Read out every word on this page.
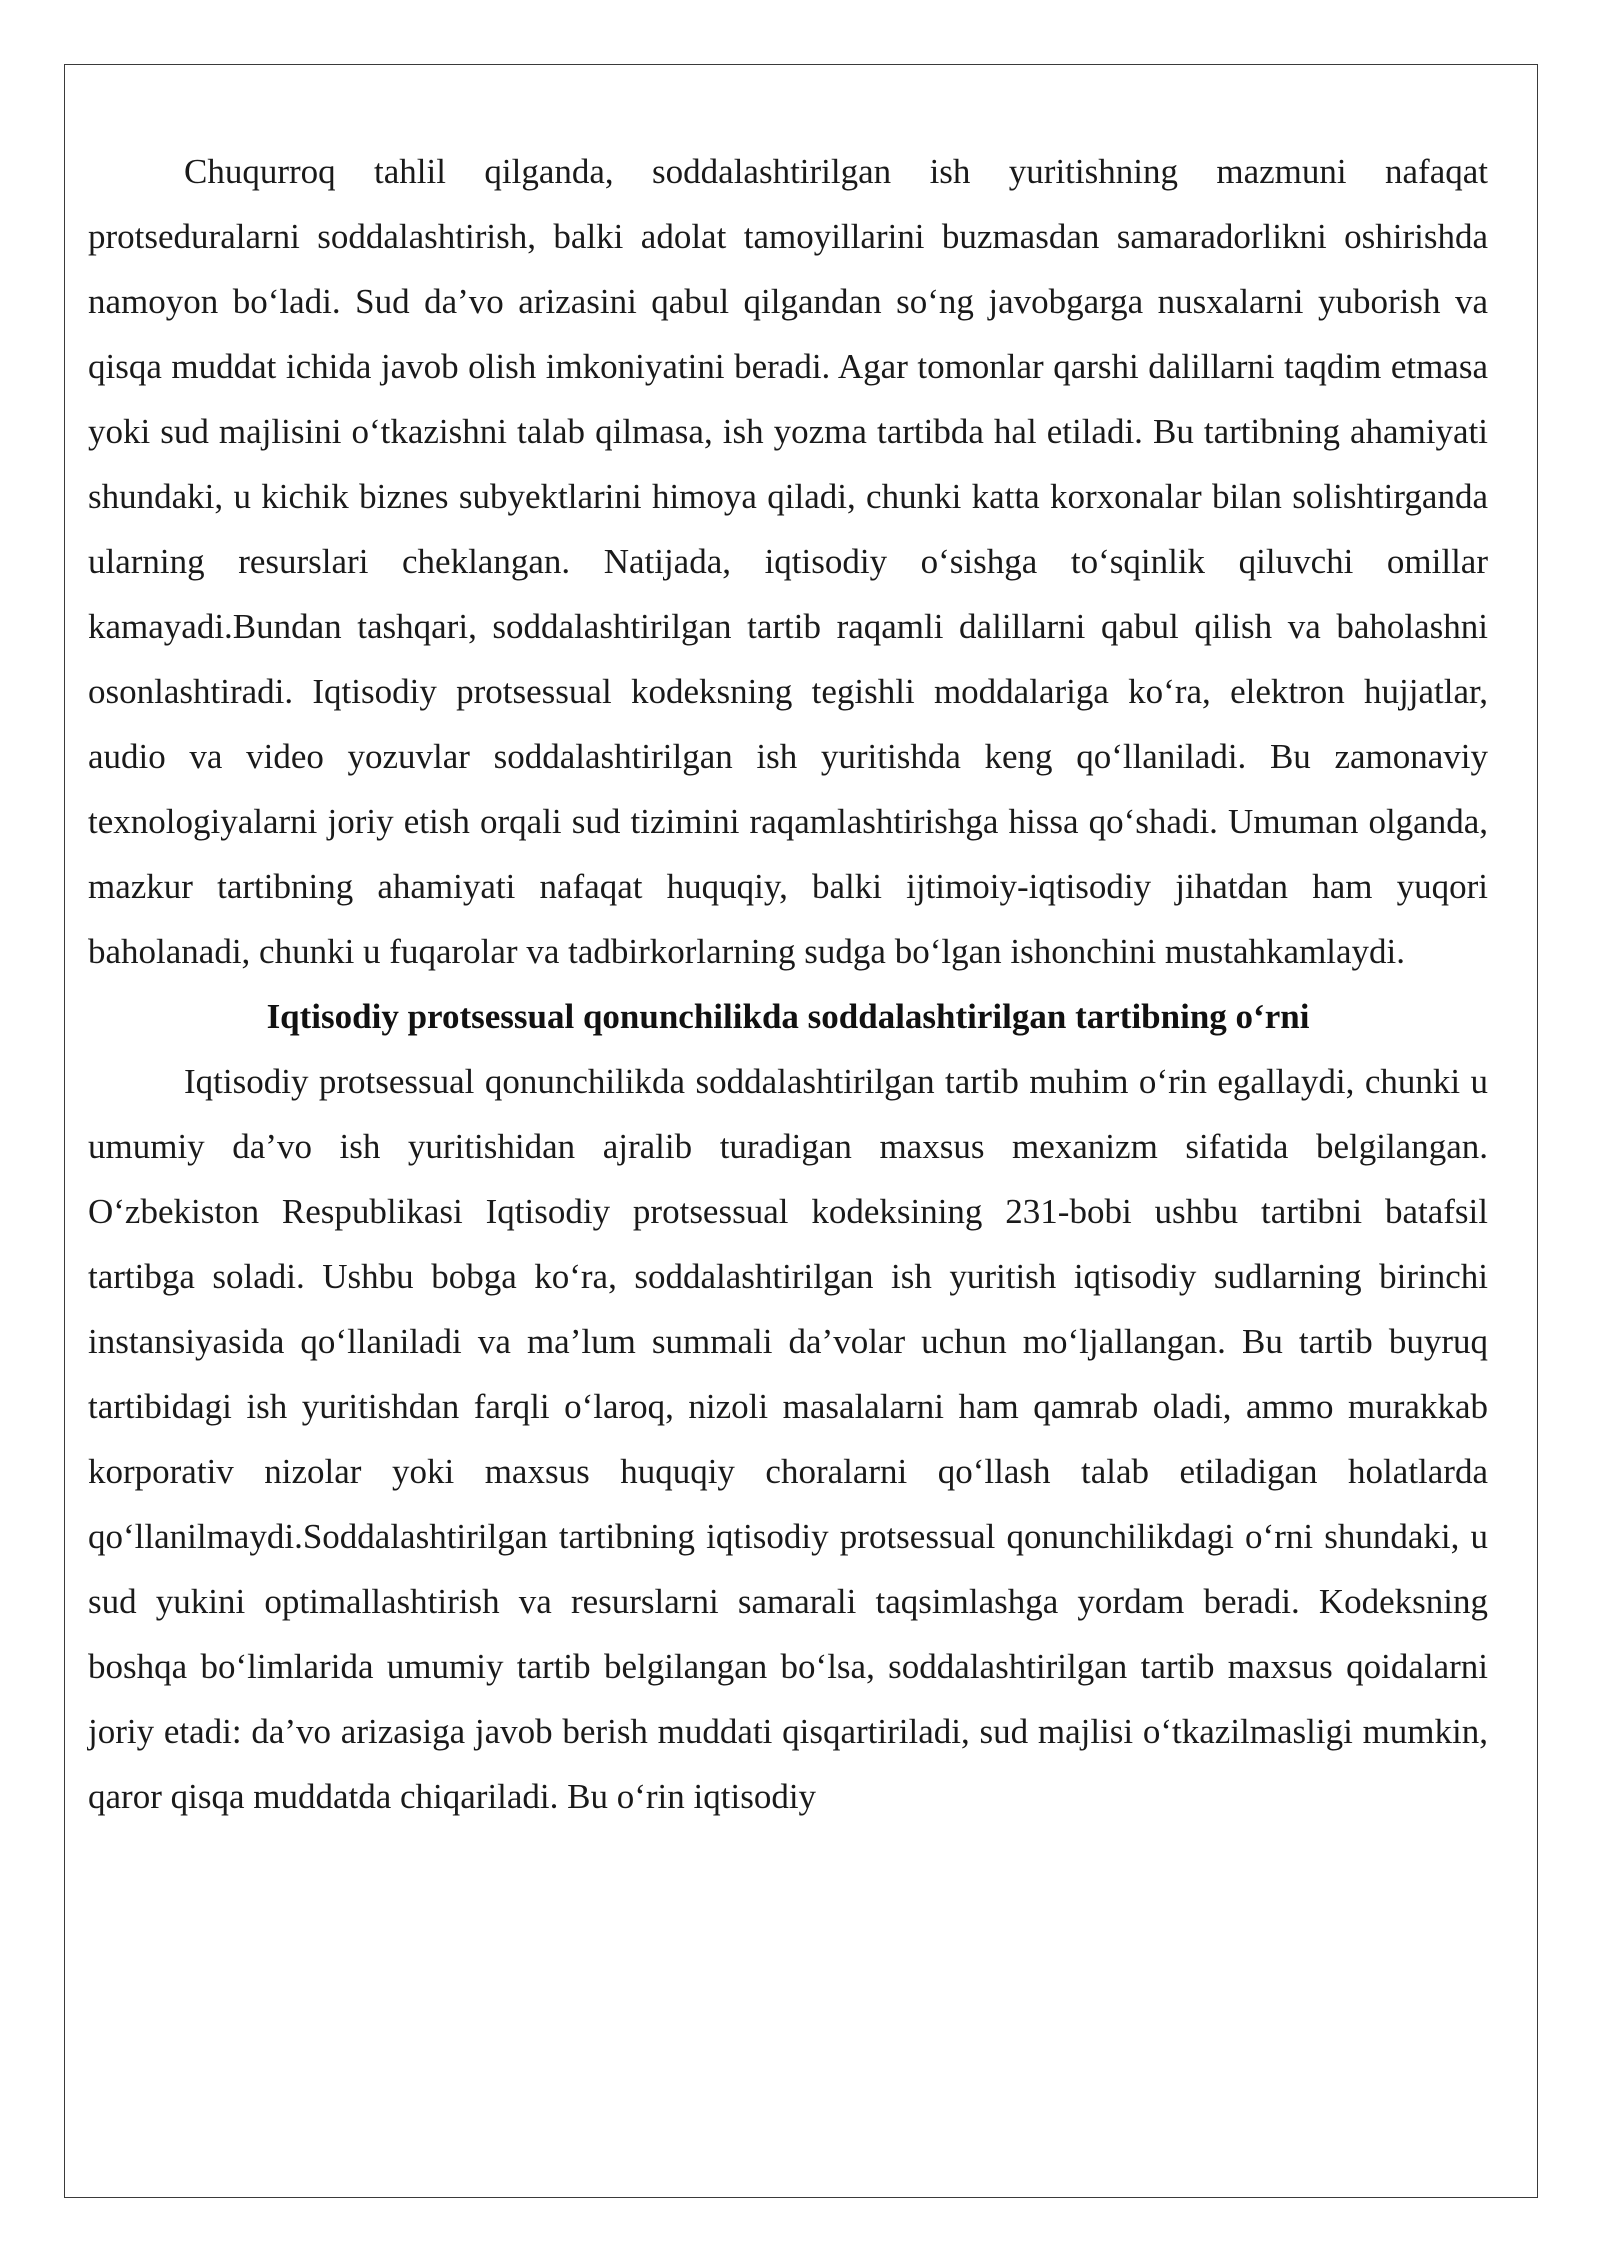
Chuqurroq tahlil qilganda, soddalashtirilgan ish yuritishning mazmuni nafaqat protseduralarni soddalashtirish, balki adolat tamoyillarini buzmasdan samaradorlikni oshirishda namoyon bo‘ladi. Sud da’vo arizasini qabul qilgandan so‘ng javobgarga nusxalarni yuborish va qisqa muddat ichida javob olish imkoniyatini beradi. Agar tomonlar qarshi dalillarni taqdim etmasa yoki sud majlisini o‘tkazishni talab qilmasa, ish yozma tartibda hal etiladi. Bu tartibning ahamiyati shundaki, u kichik biznes subyektlarini himoya qiladi, chunki katta korxonalar bilan solishtirganda ularning resurslari cheklangan. Natijada, iqtisodiy o‘sishga to‘sqinlik qiluvchi omillar kamayadi.Bundan tashqari, soddalashtirilgan tartib raqamli dalillarni qabul qilish va baholashni osonlashtiradi. Iqtisodiy protsessual kodeksning tegishli moddalariga ko‘ra, elektron hujjatlar, audio va video yozuvlar soddalashtirilgan ish yuritishda keng qo‘llaniladi. Bu zamonaviy texnologiyalarni joriy etish orqali sud tizimini raqamlashtirishga hissa qo‘shadi. Umuman olganda, mazkur tartibning ahamiyati nafaqat huquqiy, balki ijtimoiy-iqtisodiy jihatdan ham yuqori baholanadi, chunki u fuqarolar va tadbirkorlarning sudga bo‘lgan ishonchini mustahkamlaydi.

Iqtisodiy protsessual qonunchilikda soddalashtirilgan tartibning o‘rni

Iqtisodiy protsessual qonunchilikda soddalashtirilgan tartib muhim o‘rin egallaydi, chunki u umumiy da’vo ish yuritishidan ajralib turadigan maxsus mexanizm sifatida belgilangan. O‘zbekiston Respublikasi Iqtisodiy protsessual kodeksining 231-bobi ushbu tartibni batafsil tartibga soladi. Ushbu bobga ko‘ra, soddalashtirilgan ish yuritish iqtisodiy sudlarning birinchi instansiyasida qo‘llaniladi va ma’lum summali da’volar uchun mo‘ljallangan. Bu tartib buyruq tartibidagi ish yuritishdan farqli o‘laroq, nizoli masalalarni ham qamrab oladi, ammo murakkab korporativ nizolar yoki maxsus huquqiy choralarni qo‘llash talab etiladigan holatlarda qo‘llanilmaydi.Soddalashtirilgan tartibning iqtisodiy protsessual qonunchilikdagi o‘rni shundaki, u sud yukini optimallashtirish va resurslarni samarali taqsimlashga yordam beradi. Kodeksning boshqa bo‘limlarida umumiy tartib belgilangan bo‘lsa, soddalashtirilgan tartib maxsus qoidalarni joriy etadi: da’vo arizasiga javob berish muddati qisqartiriladi, sud majlisi o‘tkazilmasligi mumkin, qaror qisqa muddatda chiqariladi. Bu o‘rin iqtisodiy
